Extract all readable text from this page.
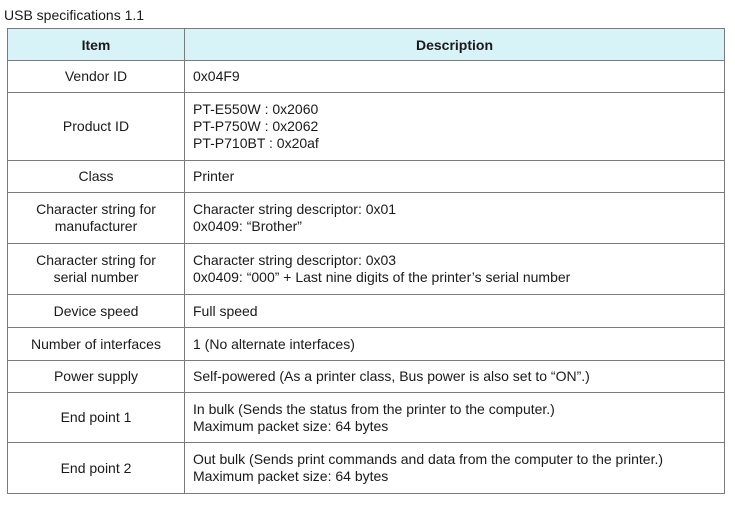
USB specifications 1.1
Item	Description

Vendor ID	0x04F9

Product ID	PT-E550W : 0x2060
PT-P750W : 0x2062
PT-P710BT : 0x20af

Class	Printer

Character string for
manufacturer	Character string descriptor: 0x01
0x0409: “Brother”

Character string for
serial number	Character string descriptor: 0x03
0x0409: “000” + Last nine digits of the printer’s serial number

Device speed	Full speed

Number of interfaces	1 (No alternate interfaces)

Power supply	Self-powered (As a printer class, Bus power is also set to “ON”.)

End point 1	In bulk (Sends the status from the printer to the computer.)
Maximum packet size: 64 bytes

End point 2	Out bulk (Sends print commands and data from the computer to the printer.)
Maximum packet size: 64 bytes
